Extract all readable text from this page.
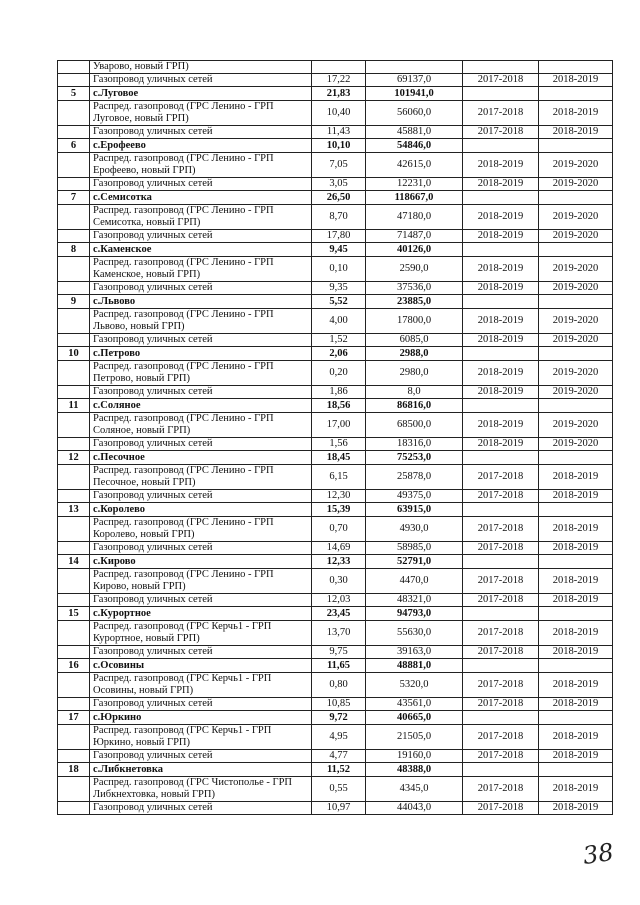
	Уварово, новый ГРП)				
	Газопровод уличных сетей	17,22	69137,0	2017-2018	2018-2019
5	с.Луговое	21,83	101941,0		
	Распред. газопровод (ГРС Ленино - ГРП Луговое, новый ГРП)	10,40	56060,0	2017-2018	2018-2019
	Газопровод уличных сетей	11,43	45881,0	2017-2018	2018-2019
6	с.Ерофеево	10,10	54846,0		
	Распред. газопровод (ГРС Ленино - ГРП Ерофеево, новый ГРП)	7,05	42615,0	2018-2019	2019-2020
	Газопровод уличных сетей	3,05	12231,0	2018-2019	2019-2020
7	с.Семисотка	26,50	118667,0		
	Распред. газопровод (ГРС Ленино - ГРП Семисотка, новый ГРП)	8,70	47180,0	2018-2019	2019-2020
	Газопровод уличных сетей	17,80	71487,0	2018-2019	2019-2020
8	с.Каменское	9,45	40126,0		
	Распред. газопровод (ГРС Ленино - ГРП Каменское, новый ГРП)	0,10	2590,0	2018-2019	2019-2020
	Газопровод уличных сетей	9,35	37536,0	2018-2019	2019-2020
9	с.Львово	5,52	23885,0		
	Распред. газопровод (ГРС Ленино - ГРП Львово, новый ГРП)	4,00	17800,0	2018-2019	2019-2020
	Газопровод уличных сетей	1,52	6085,0	2018-2019	2019-2020
10	с.Петрово	2,06	2988,0		
	Распред. газопровод (ГРС Ленино - ГРП Петрово, новый ГРП)	0,20	2980,0	2018-2019	2019-2020
	Газопровод уличных сетей	1,86	8,0	2018-2019	2019-2020
11	с.Соляное	18,56	86816,0		
	Распред. газопровод (ГРС Ленино - ГРП Соляное, новый ГРП)	17,00	68500,0	2018-2019	2019-2020
	Газопровод уличных сетей	1,56	18316,0	2018-2019	2019-2020
12	с.Песочное	18,45	75253,0		
	Распред. газопровод (ГРС Ленино - ГРП Песочное, новый ГРП)	6,15	25878,0	2017-2018	2018-2019
	Газопровод уличных сетей	12,30	49375,0	2017-2018	2018-2019
13	с.Королево	15,39	63915,0		
	Распред. газопровод (ГРС Ленино - ГРП Королево, новый ГРП)	0,70	4930,0	2017-2018	2018-2019
	Газопровод уличных сетей	14,69	58985,0	2017-2018	2018-2019
14	с.Кирово	12,33	52791,0		
	Распред. газопровод (ГРС Ленино - ГРП Кирово, новый ГРП)	0,30	4470,0	2017-2018	2018-2019
	Газопровод уличных сетей	12,03	48321,0	2017-2018	2018-2019
15	с.Курортное	23,45	94793,0		
	Распред. газопровод (ГРС Керчь1 - ГРП Курортное, новый ГРП)	13,70	55630,0	2017-2018	2018-2019
	Газопровод уличных сетей	9,75	39163,0	2017-2018	2018-2019
16	с.Осовины	11,65	48881,0		
	Распред. газопровод (ГРС Керчь1 - ГРП Осовины, новый ГРП)	0,80	5320,0	2017-2018	2018-2019
	Газопровод уличных сетей	10,85	43561,0	2017-2018	2018-2019
17	с.Юркино	9,72	40665,0		
	Распред. газопровод (ГРС Керчь1 - ГРП Юркино, новый ГРП)	4,95	21505,0	2017-2018	2018-2019
	Газопровод уличных сетей	4,77	19160,0	2017-2018	2018-2019
18	с.Либкнетовка	11,52	48388,0		
	Распред. газопровод (ГРС Чистополье - ГРП Либкнехтовка, новый ГРП)	0,55	4345,0	2017-2018	2018-2019
	Газопровод уличных сетей	10,97	44043,0	2017-2018	2018-2019
38
